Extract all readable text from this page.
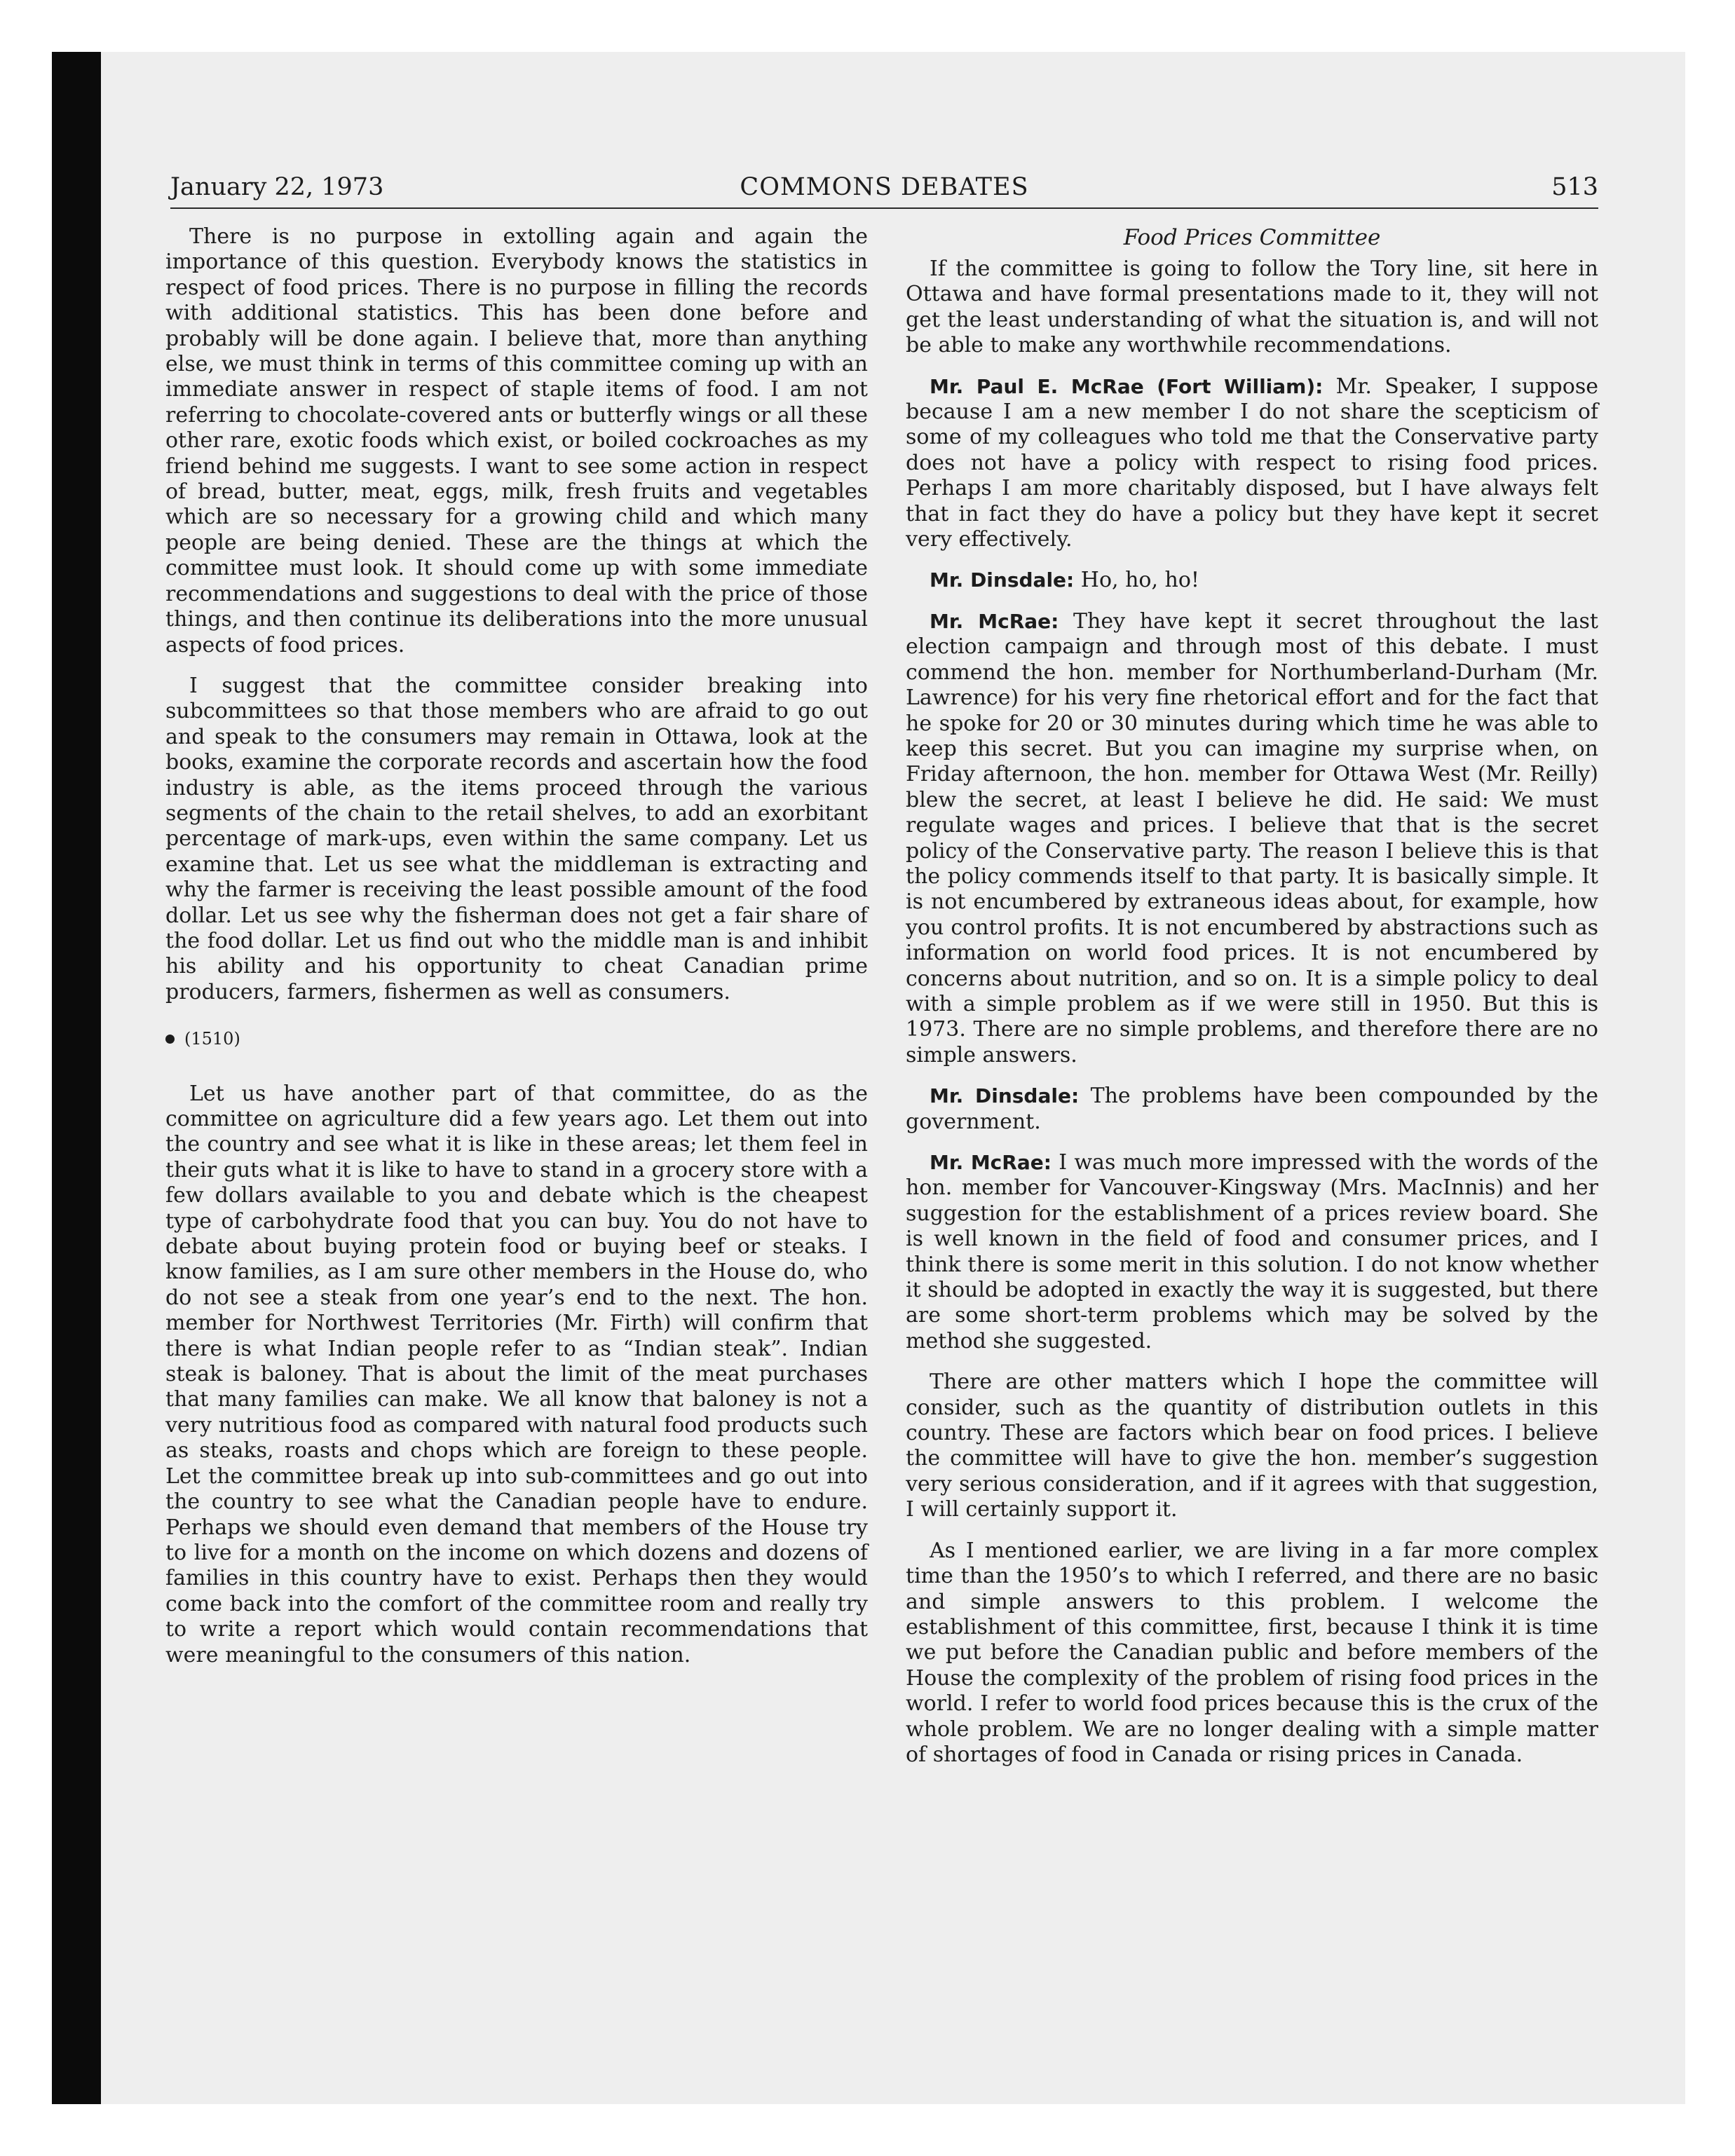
January 22, 1973	COMMONS DEBATES	513

There is no purpose in extolling again and again the importance of this question. Everybody knows the statistics in respect of food prices. There is no purpose in filling the records with additional statistics. This has been done before and probably will be done again. I believe that, more than anything else, we must think in terms of this committee coming up with an immediate answer in respect of staple items of food. I am not referring to chocolate-covered ants or butterfly wings or all these other rare, exotic foods which exist, or boiled cockroaches as my friend behind me suggests. I want to see some action in respect of bread, butter, meat, eggs, milk, fresh fruits and vegetables which are so necessary for a growing child and which many people are being denied. These are the things at which the committee must look. It should come up with some immediate recommendations and suggestions to deal with the price of those things, and then continue its deliberations into the more unusual aspects of food prices.

I suggest that the committee consider breaking into subcommittees so that those members who are afraid to go out and speak to the consumers may remain in Ottawa, look at the books, examine the corporate records and ascertain how the food industry is able, as the items proceed through the various segments of the chain to the retail shelves, to add an exorbitant percentage of mark-ups, even within the same company. Let us examine that. Let us see what the middleman is extracting and why the farmer is receiving the least possible amount of the food dollar. Let us see why the fisherman does not get a fair share of the food dollar. Let us find out who the middle man is and inhibit his ability and his opportunity to cheat Canadian prime producers, farmers, fishermen as well as consumers.

(1510)

Let us have another part of that committee, do as the committee on agriculture did a few years ago. Let them out into the country and see what it is like in these areas; let them feel in their guts what it is like to have to stand in a grocery store with a few dollars available to you and debate which is the cheapest type of carbohydrate food that you can buy. You do not have to debate about buying protein food or buying beef or steaks. I know families, as I am sure other members in the House do, who do not see a steak from one year’s end to the next. The hon. member for Northwest Territories (Mr. Firth) will confirm that there is what Indian people refer to as “Indian steak”. Indian steak is baloney. That is about the limit of the meat purchases that many families can make. We all know that baloney is not a very nutritious food as compared with natural food products such as steaks, roasts and chops which are foreign to these people. Let the committee break up into sub-committees and go out into the country to see what the Canadian people have to endure. Perhaps we should even demand that members of the House try to live for a month on the income on which dozens and dozens of families in this country have to exist. Perhaps then they would come back into the comfort of the committee room and really try to write a report which would contain recommendations that were meaningful to the consumers of this nation.

Food Prices Committee

If the committee is going to follow the Tory line, sit here in Ottawa and have formal presentations made to it, they will not get the least understanding of what the situation is, and will not be able to make any worthwhile recommendations.

Mr. Paul E. McRae (Fort William): Mr. Speaker, I suppose because I am a new member I do not share the scepticism of some of my colleagues who told me that the Conservative party does not have a policy with respect to rising food prices. Perhaps I am more charitably disposed, but I have always felt that in fact they do have a policy but they have kept it secret very effectively.

Mr. Dinsdale: Ho, ho, ho!

Mr. McRae: They have kept it secret throughout the last election campaign and through most of this debate. I must commend the hon. member for Northumberland-Durham (Mr. Lawrence) for his very fine rhetorical effort and for the fact that he spoke for 20 or 30 minutes during which time he was able to keep this secret. But you can imagine my surprise when, on Friday afternoon, the hon. member for Ottawa West (Mr. Reilly) blew the secret, at least I believe he did. He said: We must regulate wages and prices. I believe that that is the secret policy of the Conservative party. The reason I believe this is that the policy commends itself to that party. It is basically simple. It is not encumbered by extraneous ideas about, for example, how you control profits. It is not encumbered by abstractions such as information on world food prices. It is not encumbered by concerns about nutrition, and so on. It is a simple policy to deal with a simple problem as if we were still in 1950. But this is 1973. There are no simple problems, and therefore there are no simple answers.

Mr. Dinsdale: The problems have been compounded by the government.

Mr. McRae: I was much more impressed with the words of the hon. member for Vancouver-Kingsway (Mrs. MacInnis) and her suggestion for the establishment of a prices review board. She is well known in the field of food and consumer prices, and I think there is some merit in this solution. I do not know whether it should be adopted in exactly the way it is suggested, but there are some short-term problems which may be solved by the method she suggested.

There are other matters which I hope the committee will consider, such as the quantity of distribution outlets in this country. These are factors which bear on food prices. I believe the committee will have to give the hon. member’s suggestion very serious consideration, and if it agrees with that suggestion, I will certainly support it.

As I mentioned earlier, we are living in a far more complex time than the 1950’s to which I referred, and there are no basic and simple answers to this problem. I welcome the establishment of this committee, first, because I think it is time we put before the Canadian public and before members of the House the complexity of the problem of rising food prices in the world. I refer to world food prices because this is the crux of the whole problem. We are no longer dealing with a simple matter of shortages of food in Canada or rising prices in Canada.
